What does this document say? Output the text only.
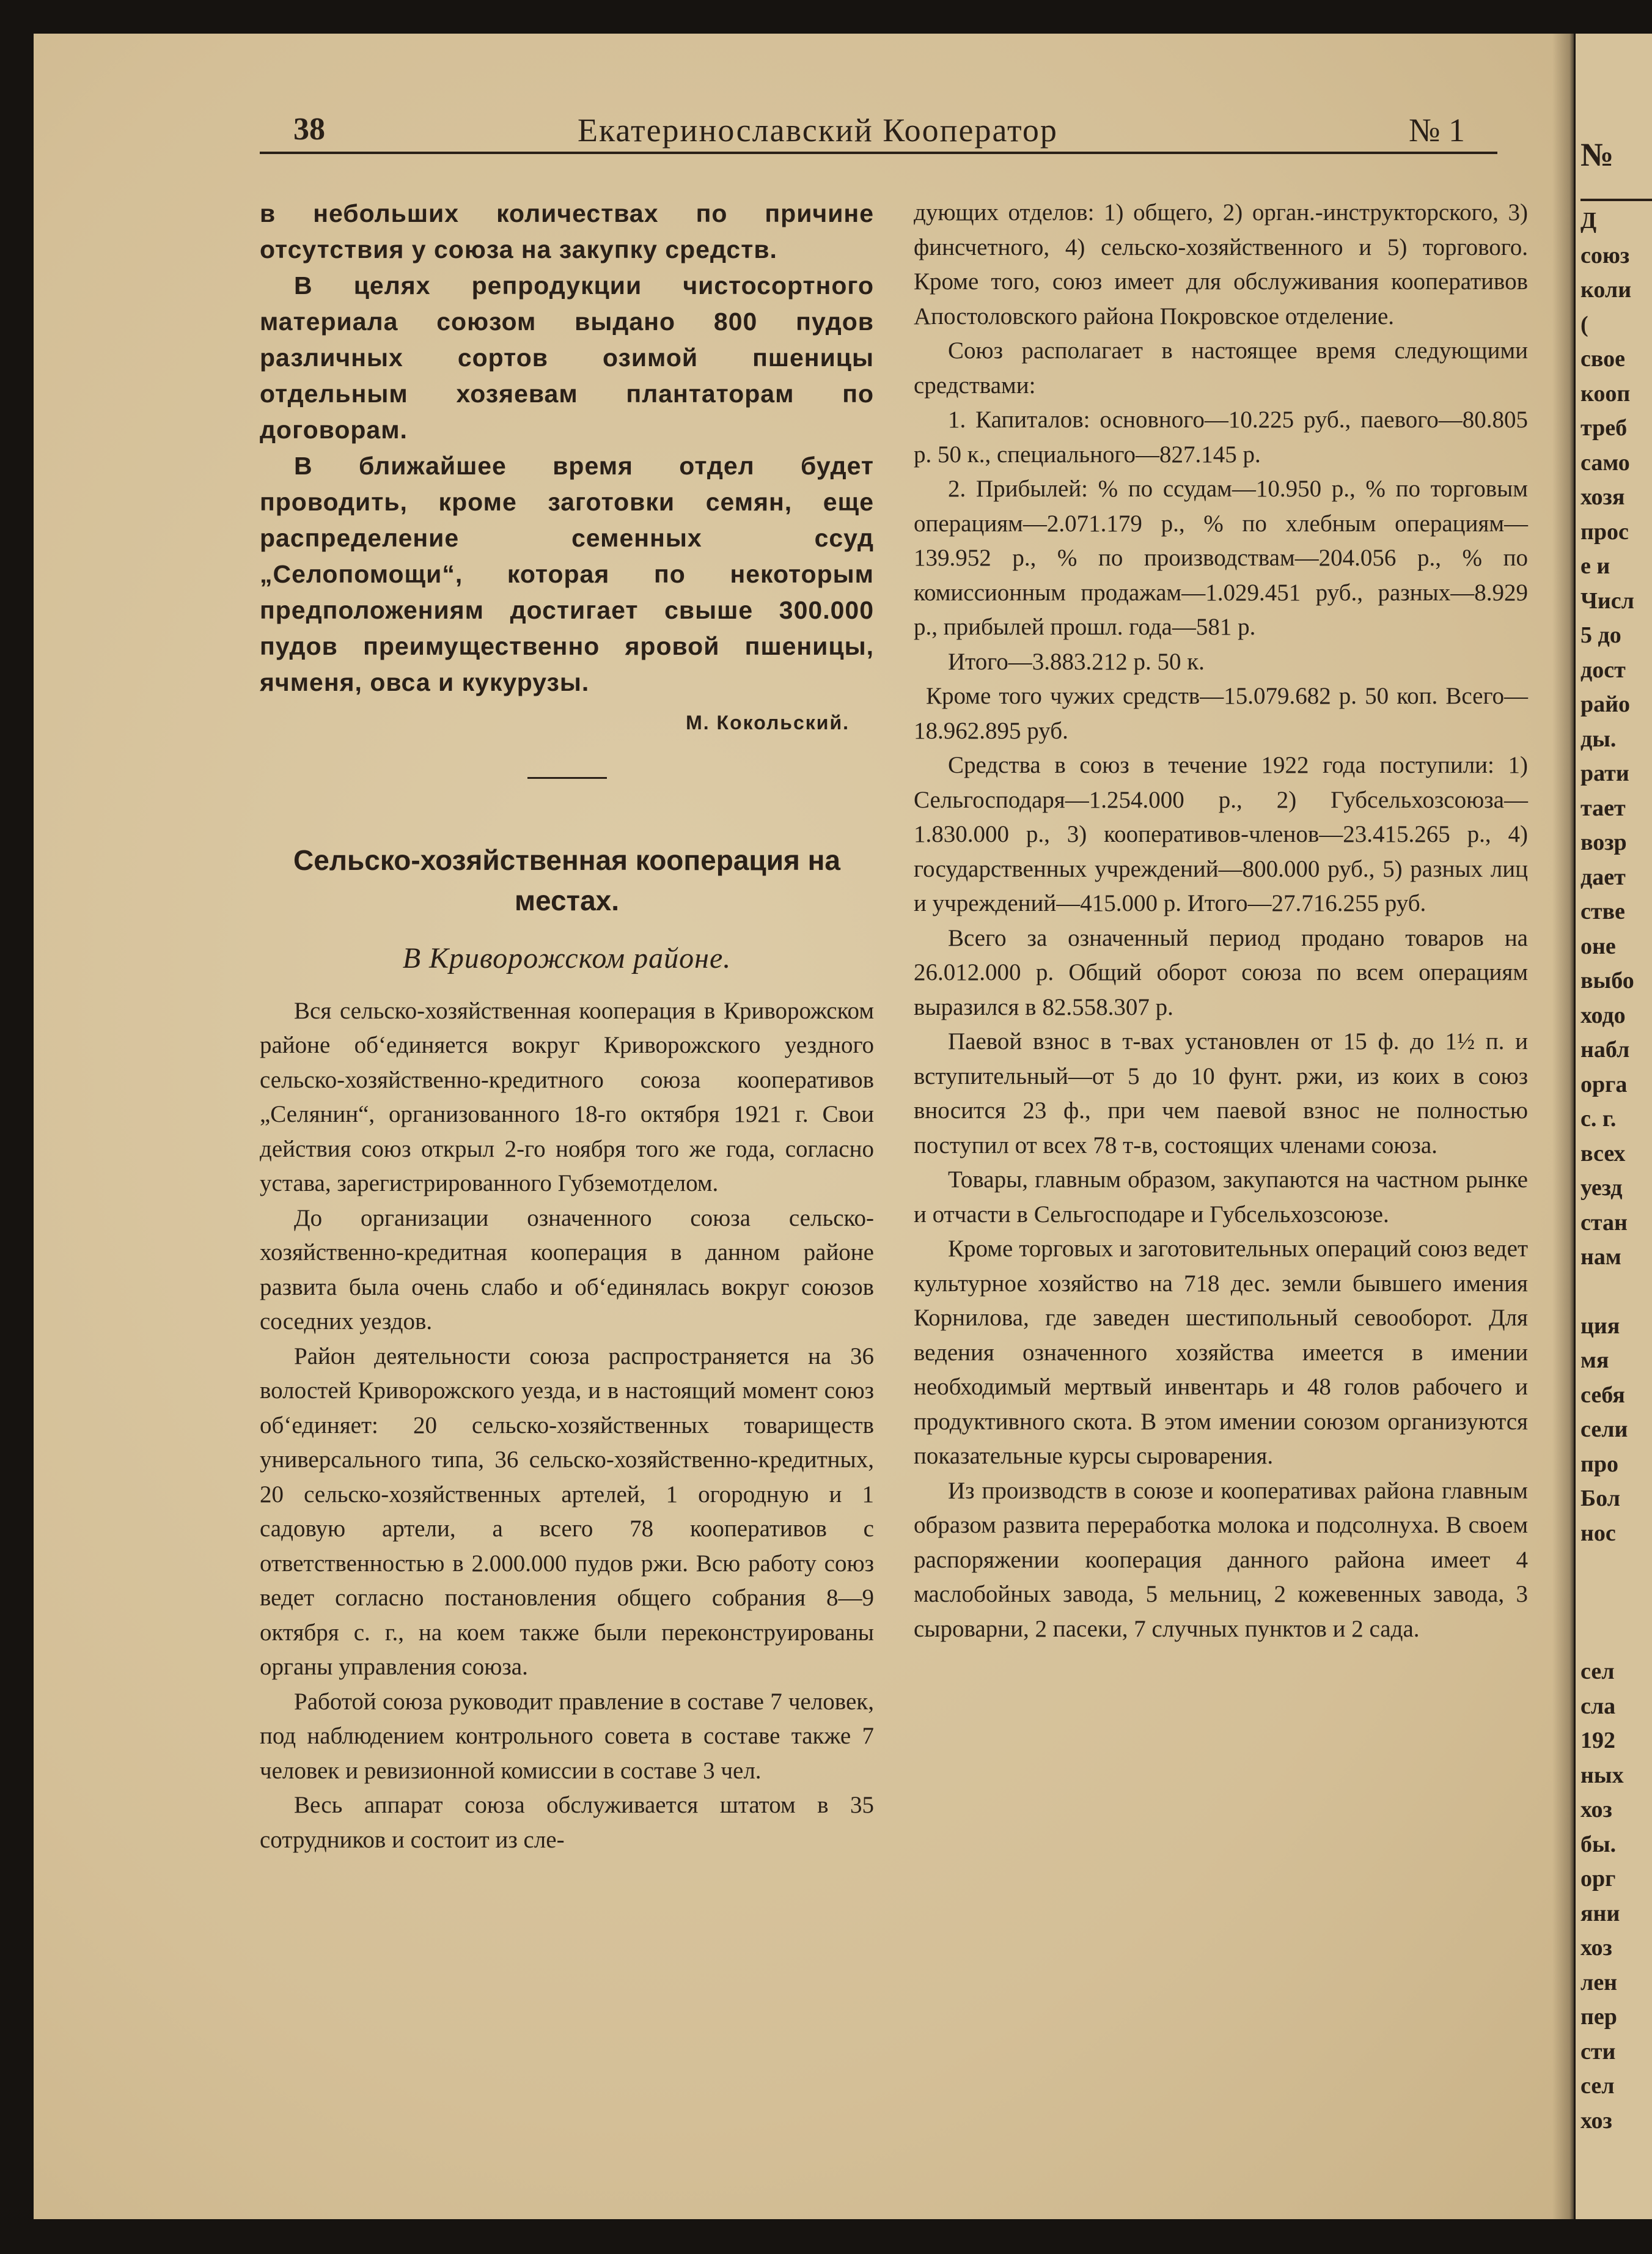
38	Екатеринославский Кооператор	№ 1

в небольших количествах по причине отсутствия у союза на закупку средств.

В целях репродукции чистосортного материала союзом выдано 800 пудов различных сортов озимой пшеницы отдельным хозяевам плантаторам по договорам.

В ближайшее время отдел будет проводить, кроме заготовки семян, еще распределение семенных ссуд „Селопомощи“, которая по некоторым предположениям достигает свыше 300.000 пудов преимущественно яровой пшеницы, ячменя, овса и кукурузы.

М. Кокольский.
Сельско-хозяйственная кооперация на местах.
В Криворожском районе.

Вся сельско-хозяйственная кооперация в Криворожском районе об‘единяется вокруг Криворожского уездного сельско-хозяйственно-кредитного союза кооперативов „Селянин“, организованного 18-го октября 1921 г. Свои действия союз открыл 2-го ноября того же года, согласно устава, зарегистрированного Губземотделом.

До организации означенного союза сельско-хозяйственно-кредитная кооперация в данном районе развита была очень слабо и об‘единялась вокруг союзов соседних уездов.

Район деятельности союза распространяется на 36 волостей Криворожского уезда, и в настоящий момент союз об‘единяет: 20 сельско-хозяйственных товариществ универсального типа, 36 сельско-хозяйственно-кредитных, 20 сельско-хозяйственных артелей, 1 огородную и 1 садовую артели, а всего 78 кооперативов с ответственностью в 2.000.000 пудов ржи. Всю работу союз ведет согласно постановления общего собрания 8—9 октября с. г., на коем также были переконструированы органы управления союза.

Работой союза руководит правление в составе 7 человек, под наблюдением контрольного совета в составе также 7 человек и ревизионной комиссии в составе 3 чел.

Весь аппарат союза обслуживается штатом в 35 сотрудников и состоит из сле-

дующих отделов: 1) общего, 2) орган.-инструкторского, 3) финсчетного, 4) сельско-хозяйственного и 5) торгового. Кроме того, союз имеет для обслуживания кооперативов Апостоловского района Покровское отделение.

Союз располагает в настоящее время следующими средствами:

1. Капиталов: основного—10.225 руб., паевого—80.805 р. 50 к., специального—827.145 р.

2. Прибылей: % по ссудам—10.950 р., % по торговым операциям—2.071.179 р., % по хлебным операциям—139.952 р., % по производствам—204.056 р., % по комиссионным продажам—1.029.451 руб., разных—8.929 р., прибылей прошл. года—581 р.

Итого—3.883.212 р. 50 к.

Кроме того чужих средств—15.079.682 р. 50 коп. Всего—18.962.895 руб.

Средства в союз в течение 1922 года поступили: 1) Сельгосподаря—1.254.000 р., 2) Губсельхозсоюза—1.830.000 р., 3) кооперативов-членов—23.415.265 р., 4) государственных учреждений—800.000 руб., 5) разных лиц и учреждений—415.000 р. Итого—27.716.255 руб.

Всего за означенный период продано товаров на 26.012.000 р. Общий оборот союза по всем операциям выразился в 82.558.307 р.

Паевой взнос в т-вах установлен от 15 ф. до 1½ п. и вступительный—от 5 до 10 фунт. ржи, из коих в союз вносится 23 ф., при чем паевой взнос не полностью поступил от всех 78 т-в, состоящих членами союза.

Товары, главным образом, закупаются на частном рынке и отчасти в Сельгосподаре и Губсельхозсоюзе.

Кроме торговых и заготовительных операций союз ведет культурное хозяйство на 718 дес. земли бывшего имения Корнилова, где заведен шестипольный севооборот. Для ведения означенного хозяйства имеется в имении необходимый мертвый инвентарь и 48 голов рабочего и продуктивного скота. В этом имении союзом организуются показательные курсы сыроварения.

Из производств в союзе и кооперативах района главным образом развита переработка молока и подсолнуха. В своем распоряжении кооперация данного района имеет 4 маслобойных завода, 5 мельниц, 2 кожевенных завода, 3 сыроварни, 2 пасеки, 7 случных пунктов и 2 сада.

№
Д
союз
коли
(
свое
кооп
треб
само
хозя
прос
е и
Числ
5 до
дост
райо
ды.
рати
тает
возр
дает
стве
оне
выбо
ходо
набл
орга
с. г.
всех
уезд
стан
нам
ция
мя
себя
сели
про
Бол
нос
сел
сла
192
ных
хоз
бы.
орг
яни
хоз
лен
пер
сти
сел
хоз
